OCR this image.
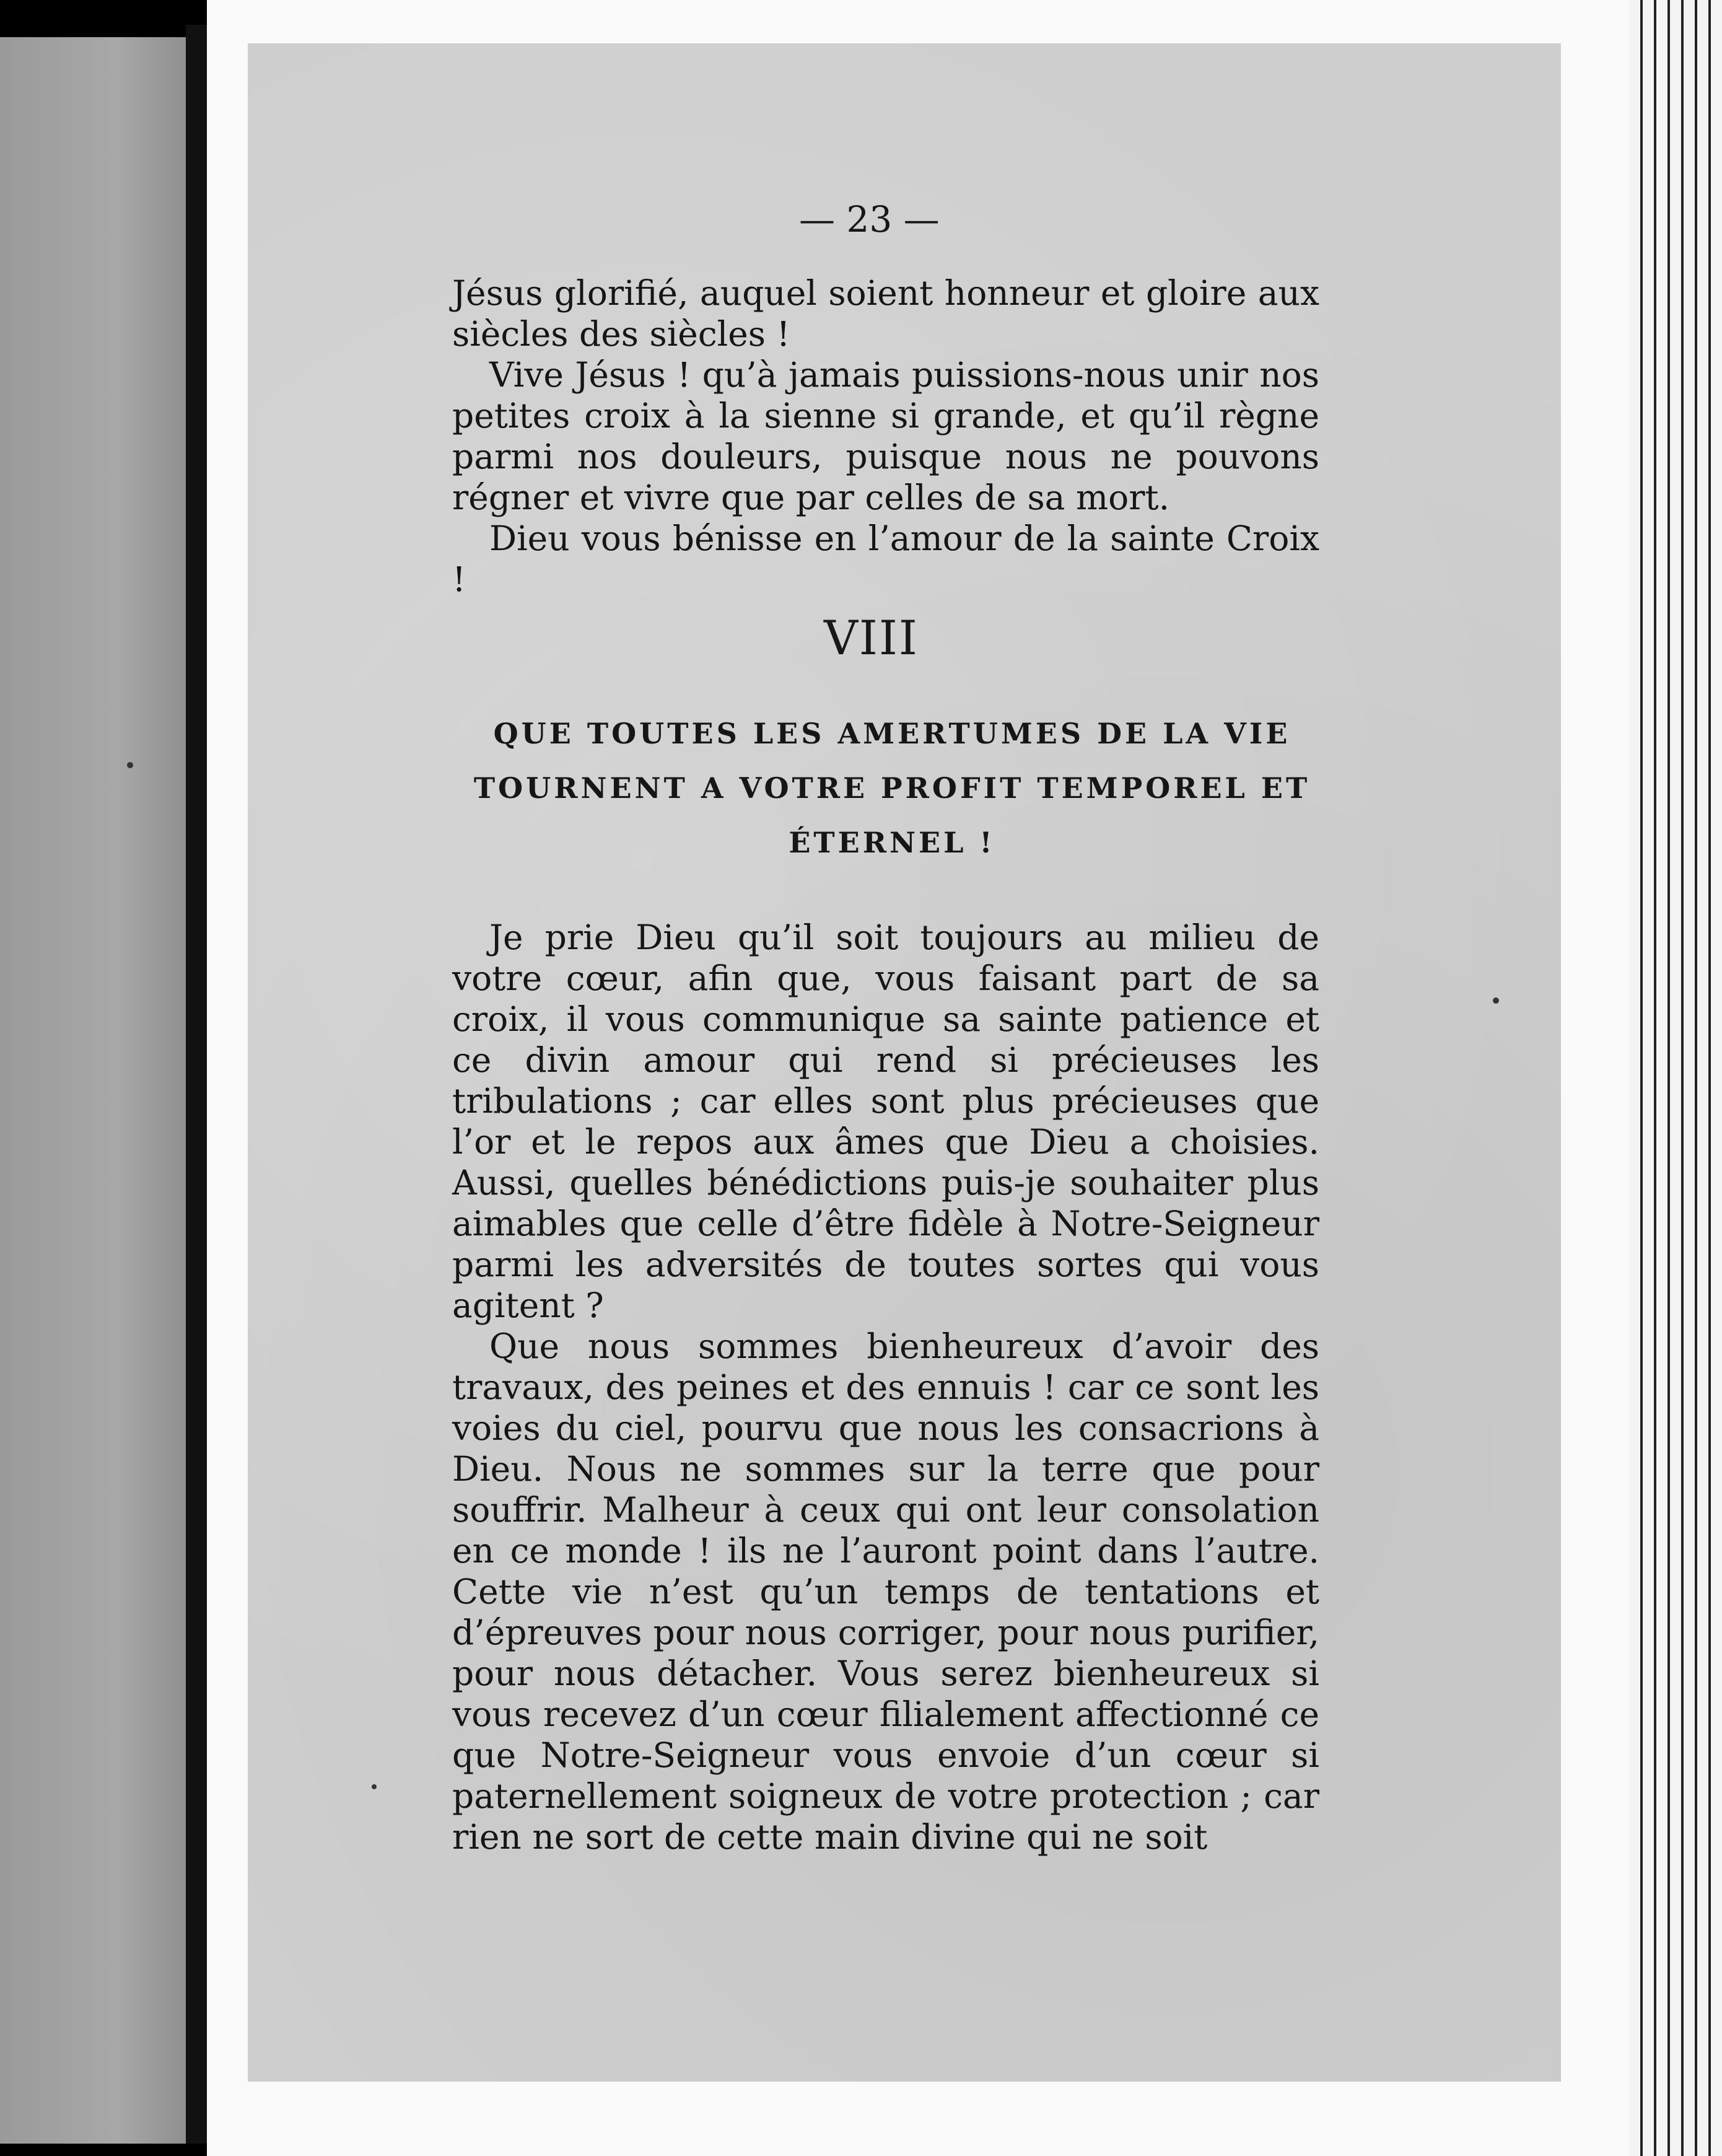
— 23 —

Jésus glorifié, auquel soient honneur et gloire aux siècles des siècles !

Vive Jésus ! qu’à jamais puissions-nous unir nos petites croix à la sienne si grande, et qu’il règne parmi nos douleurs, puisque nous ne pouvons régner et vivre que par celles de sa mort.

Dieu vous bénisse en l’amour de la sainte Croix !

VIII
QUE TOUTES LES AMERTUMES DE LA VIE TOURNENT A VOTRE PROFIT TEMPOREL ET ÉTERNEL !

Je prie Dieu qu’il soit toujours au milieu de votre cœur, afin que, vous faisant part de sa croix, il vous communique sa sainte patience et ce divin amour qui rend si précieuses les tribulations ; car elles sont plus précieuses que l’or et le repos aux âmes que Dieu a choisies. Aussi, quelles bénédictions puis-je souhaiter plus aimables que celle d’être fidèle à Notre-Seigneur parmi les adversités de toutes sortes qui vous agitent ?

Que nous sommes bienheureux d’avoir des travaux, des peines et des ennuis ! car ce sont les voies du ciel, pourvu que nous les consacrions à Dieu. Nous ne sommes sur la terre que pour souffrir. Malheur à ceux qui ont leur consolation en ce monde ! ils ne l’auront point dans l’autre. Cette vie n’est qu’un temps de tentations et d’épreuves pour nous corriger, pour nous purifier, pour nous détacher. Vous serez bienheureux si vous recevez d’un cœur filialement affectionné ce que Notre-Seigneur vous envoie d’un cœur si paternellement soigneux de votre protection ; car rien ne sort de cette main divine qui ne soit
